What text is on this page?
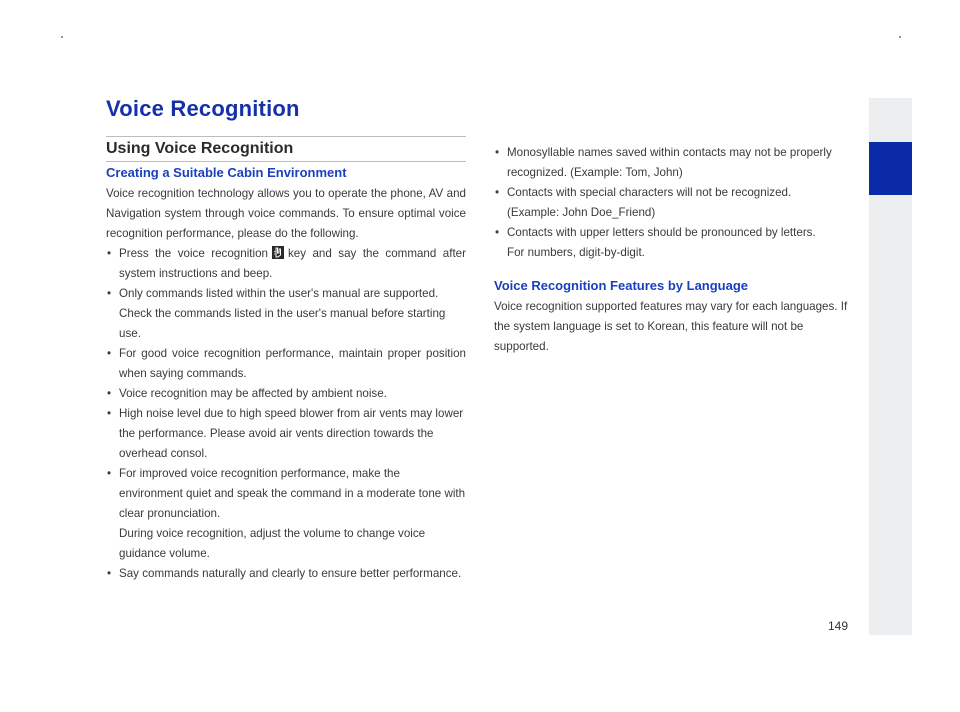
Voice Recognition
Using Voice Recognition
Creating a Suitable Cabin Environment

Voice recognition technology allows you to operate the phone, AV and Navigation system through voice commands. To ensure optimal voice recognition performance, please do the following.

• Press the voice recognition key and say the command after system instructions and beep.
• Only commands listed within the user's manual are supported. Check the commands listed in the user's manual before starting use.
• For good voice recognition performance, maintain proper position when saying commands.
• Voice recognition may be affected by ambient noise.
• High noise level due to high speed blower from air vents may lower the performance. Please avoid air vents direction towards the overhead consol.
• For improved voice recognition performance, make the environment quiet and speak the command in a moderate tone with clear pronunciation.
During voice recognition, adjust the volume to change voice guidance volume.
• Say commands naturally and clearly to ensure better performance.
• Monosyllable names saved within contacts may not be properly recognized. (Example: Tom, John)
• Contacts with special characters will not be recognized.
(Example: John Doe_Friend)
• Contacts with upper letters should be pronounced by letters.
For numbers, digit-by-digit.
Voice Recognition Features by Language

Voice recognition supported features may vary for each languages. If the system language is set to Korean, this feature will not be supported.

149
